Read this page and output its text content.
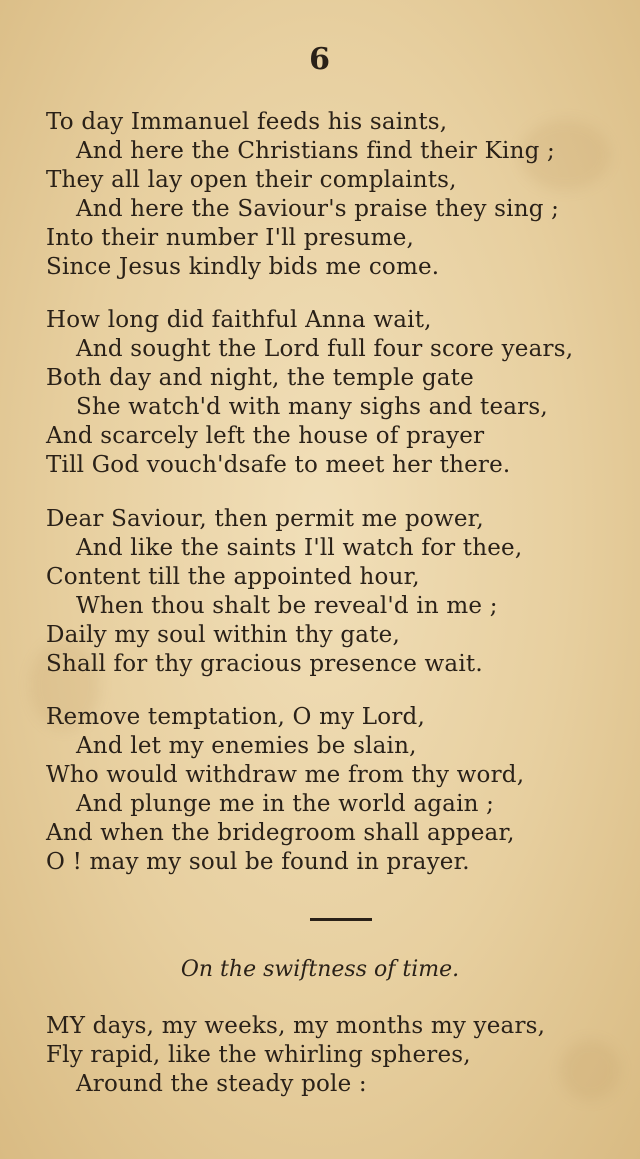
6
To day Immanuel feeds his saints,
And here the Christians find their King ;
They all lay open their complaints,
And here the Saviour's praise they sing ;
Into their number I'll presume,
Since Jesus kindly bids me come.
How long did faithful Anna wait,
And sought the Lord full four score years,
Both day and night, the temple gate
She watch'd with many sighs and tears,
And scarcely left the house of prayer
Till God vouch'dsafe to meet her there.
Dear Saviour, then permit me power,
And like the saints I'll watch for thee,
Content till the appointed hour,
When thou shalt be reveal'd in me ;
Daily my soul within thy gate,
Shall for thy gracious presence wait.
Remove temptation, O my Lord,
And let my enemies be slain,
Who would withdraw me from thy word,
And plunge me in the world again ;
And when the bridegroom shall appear,
O ! may my soul be found in prayer.
On the swiftness of time.
MY days, my weeks, my months my years,
Fly rapid, like the whirling spheres,
Around the steady pole :
